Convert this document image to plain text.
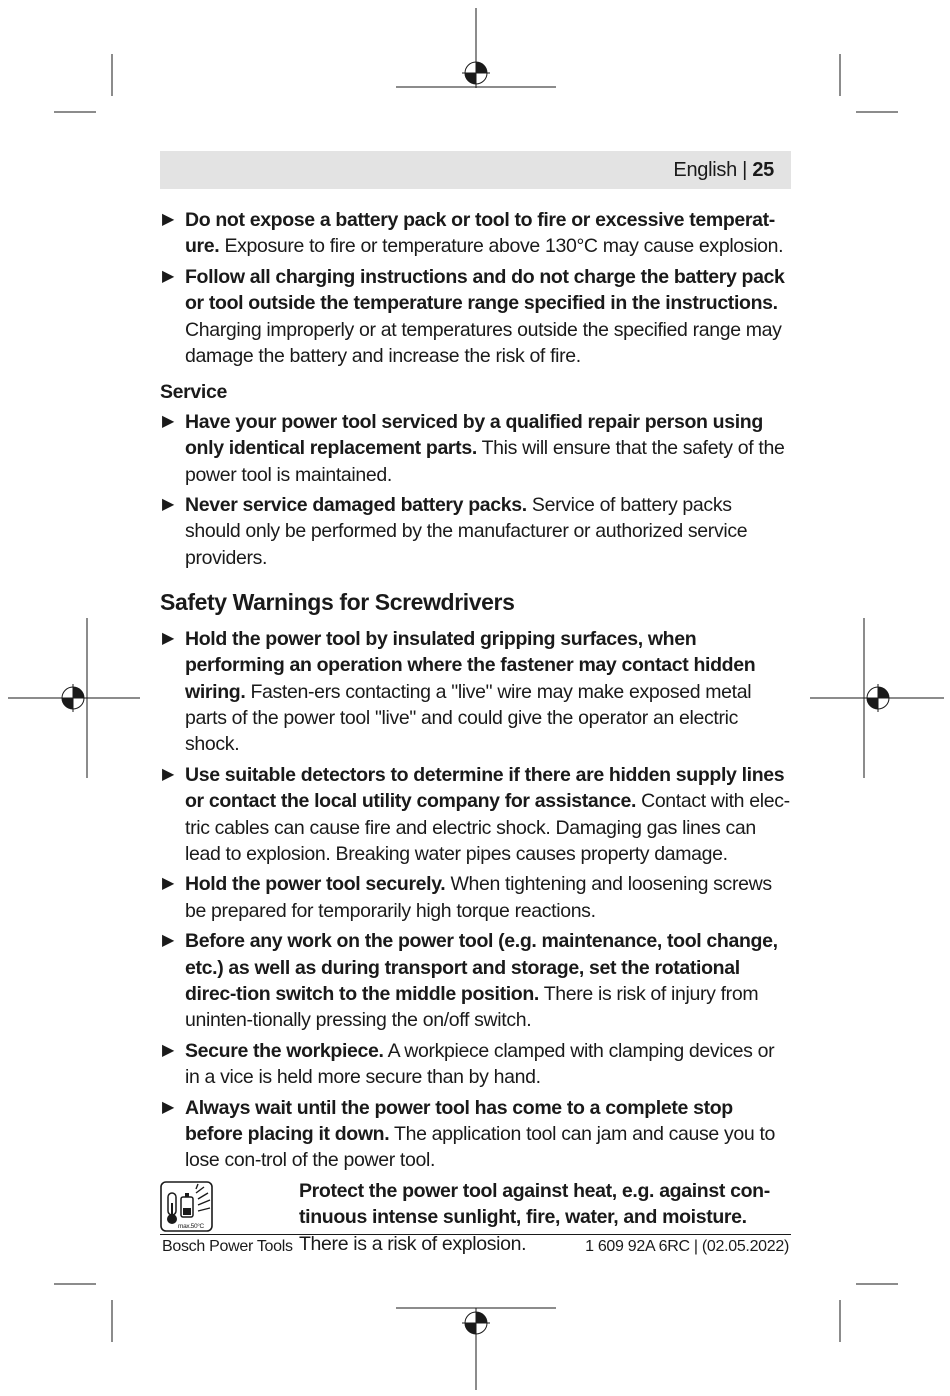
English | 25
▶ Do not expose a battery pack or tool to fire or excessive temperat-ure. Exposure to fire or temperature above 130°C may cause explosion.
▶ Follow all charging instructions and do not charge the battery pack or tool outside the temperature range specified in the instructions. Charging improperly or at temperatures outside the specified range may damage the battery and increase the risk of fire.
Service
▶ Have your power tool serviced by a qualified repair person using only identical replacement parts. This will ensure that the safety of the power tool is maintained.
▶ Never service damaged battery packs. Service of battery packs should only be performed by the manufacturer or authorized service providers.
Safety Warnings for Screwdrivers
▶ Hold the power tool by insulated gripping surfaces, when performing an operation where the fastener may contact hidden wiring. Fasten-ers contacting a "live" wire may make exposed metal parts of the power tool "live" and could give the operator an electric shock.
▶ Use suitable detectors to determine if there are hidden supply lines or contact the local utility company for assistance. Contact with elec-tric cables can cause fire and electric shock. Damaging gas lines can lead to explosion. Breaking water pipes causes property damage.
▶ Hold the power tool securely. When tightening and loosening screws be prepared for temporarily high torque reactions.
▶ Before any work on the power tool (e.g. maintenance, tool change, etc.) as well as during transport and storage, set the rotational direc-tion switch to the middle position. There is risk of injury from uninten-tionally pressing the on/off switch.
▶ Secure the workpiece. A workpiece clamped with clamping devices or in a vice is held more secure than by hand.
▶ Always wait until the power tool has come to a complete stop before placing it down. The application tool can jam and cause you to lose con-trol of the power tool.
max.50°C
Protect the power tool against heat, e.g. against con-tinuous intense sunlight, fire, water, and moisture.
There is a risk of explosion.
Bosch Power Tools	1 609 92A 6RC | (02.05.2022)
